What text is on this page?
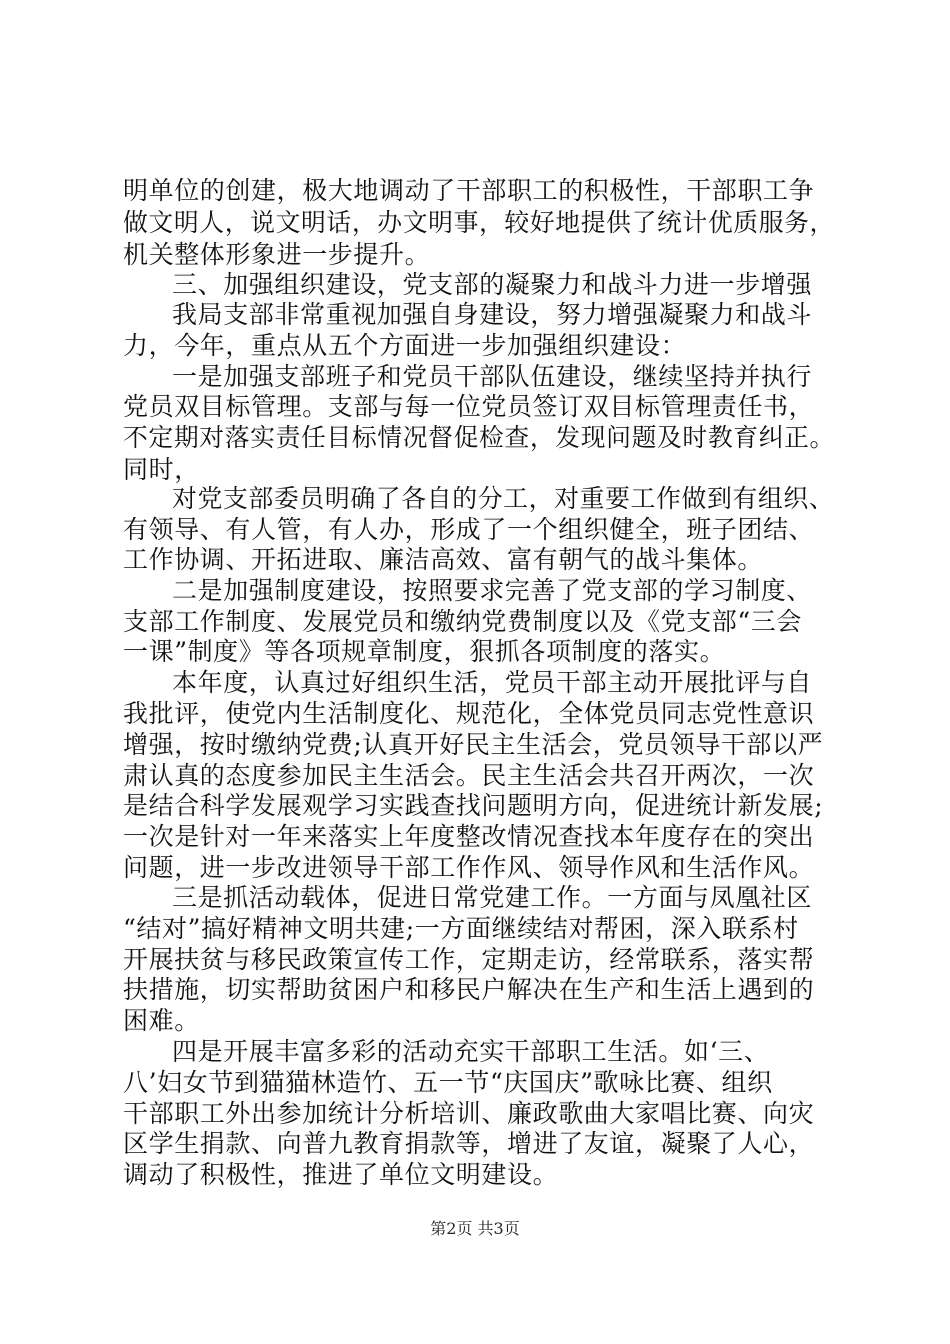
明单位的创建，极大地调动了干部职工的积极性，干部职工争
做文明人，说文明话，办文明事，较好地提供了统计优质服务，
机关整体形象进一步提升。
三、加强组织建设，党支部的凝聚力和战斗力进一步增强
我局支部非常重视加强自身建设，努力增强凝聚力和战斗
力，今年，重点从五个方面进一步加强组织建设：
一是加强支部班子和党员干部队伍建设，继续坚持并执行
党员双目标管理。支部与每一位党员签订双目标管理责任书，
不定期对落实责任目标情况督促检查，发现问题及时教育纠正。
同时，
对党支部委员明确了各自的分工，对重要工作做到有组织、
有领导、有人管，有人办，形成了一个组织健全，班子团结、
工作协调、开拓进取、廉洁高效、富有朝气的战斗集体。
二是加强制度建设，按照要求完善了党支部的学习制度、
支部工作制度、发展党员和缴纳党费制度以及《党支部“三会
一课”制度》等各项规章制度，狠抓各项制度的落实。
本年度，认真过好组织生活，党员干部主动开展批评与自
我批评，使党内生活制度化、规范化，全体党员同志党性意识
增强，按时缴纳党费;认真开好民主生活会，党员领导干部以严
肃认真的态度参加民主生活会。民主生活会共召开两次，一次
是结合科学发展观学习实践查找问题明方向，促进统计新发展;
一次是针对一年来落实上年度整改情况查找本年度存在的突出
问题，进一步改进领导干部工作作风、领导作风和生活作风。
三是抓活动载体，促进日常党建工作。一方面与凤凰社区
“结对”搞好精神文明共建;一方面继续结对帮困，深入联系村
开展扶贫与移民政策宣传工作，定期走访，经常联系，落实帮
扶措施，切实帮助贫困户和移民户解决在生产和生活上遇到的
困难。
四是开展丰富多彩的活动充实干部职工生活。如‘三、
八’妇女节到猫猫林造竹、五一节“庆国庆”歌咏比赛、组织
干部职工外出参加统计分析培训、廉政歌曲大家唱比赛、向灾
区学生捐款、向普九教育捐款等，增进了友谊，凝聚了人心，
调动了积极性，推进了单位文明建设。
第2页 共3页
